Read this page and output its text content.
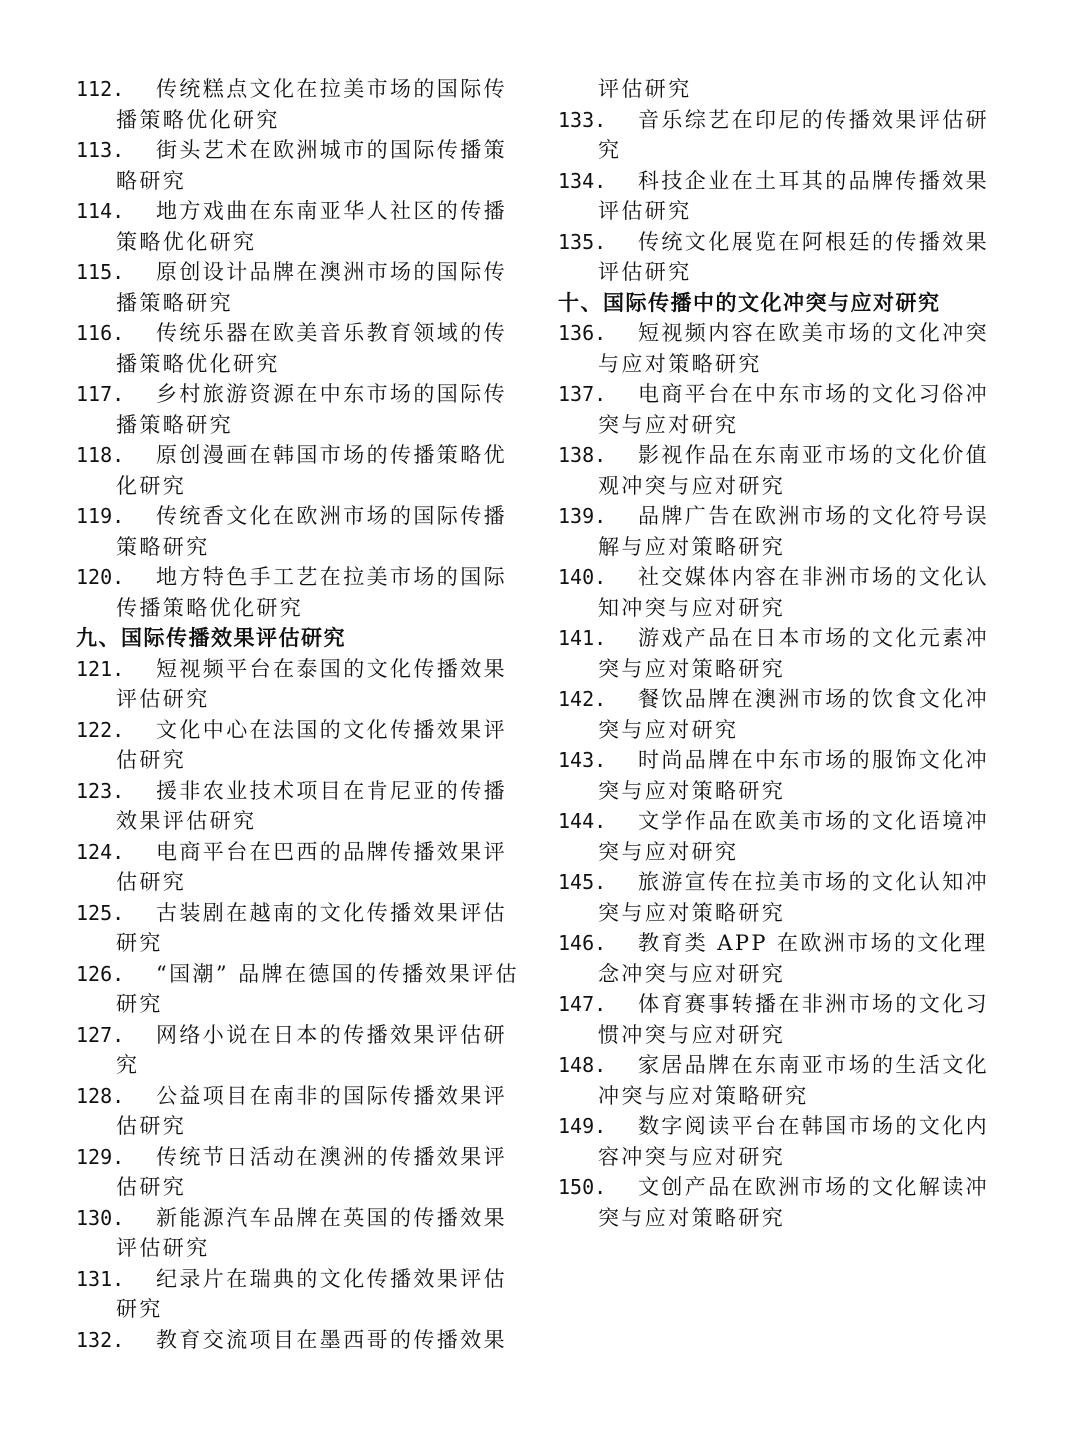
112.	传统糕点文化在拉美市场的国际传播策略优化研究
113.	街头艺术在欧洲城市的国际传播策略研究
114.	地方戏曲在东南亚华人社区的传播策略优化研究
115.	原创设计品牌在澳洲市场的国际传播策略研究
116.	传统乐器在欧美音乐教育领域的传播策略优化研究
117.	乡村旅游资源在中东市场的国际传播策略研究
118.	原创漫画在韩国市场的传播策略优化研究
119.	传统香文化在欧洲市场的国际传播策略研究
120.	地方特色手工艺在拉美市场的国际传播策略优化研究
九、国际传播效果评估研究
121.	短视频平台在泰国的文化传播效果评估研究
122.	文化中心在法国的文化传播效果评估研究
123.	援非农业技术项目在肯尼亚的传播效果评估研究
124.	电商平台在巴西的品牌传播效果评估研究
125.	古装剧在越南的文化传播效果评估研究
126.	“国潮” 品牌在德国的传播效果评估研究
127.	网络小说在日本的传播效果评估研究
128.	公益项目在南非的国际传播效果评估研究
129.	传统节日活动在澳洲的传播效果评估研究
130.	新能源汽车品牌在英国的传播效果评估研究
131.	纪录片在瑞典的文化传播效果评估研究
132.	教育交流项目在墨西哥的传播效果
评估研究
133.	音乐综艺在印尼的传播效果评估研究
134.	科技企业在土耳其的品牌传播效果评估研究
135.	传统文化展览在阿根廷的传播效果评估研究
十、国际传播中的文化冲突与应对研究
136.	短视频内容在欧美市场的文化冲突与应对策略研究
137.	电商平台在中东市场的文化习俗冲突与应对研究
138.	影视作品在东南亚市场的文化价值观冲突与应对研究
139.	品牌广告在欧洲市场的文化符号误解与应对策略研究
140.	社交媒体内容在非洲市场的文化认知冲突与应对研究
141.	游戏产品在日本市场的文化元素冲突与应对策略研究
142.	餐饮品牌在澳洲市场的饮食文化冲突与应对研究
143.	时尚品牌在中东市场的服饰文化冲突与应对策略研究
144.	文学作品在欧美市场的文化语境冲突与应对研究
145.	旅游宣传在拉美市场的文化认知冲突与应对策略研究
146.	教育类 APP 在欧洲市场的文化理念冲突与应对研究
147.	体育赛事转播在非洲市场的文化习惯冲突与应对研究
148.	家居品牌在东南亚市场的生活文化冲突与应对策略研究
149.	数字阅读平台在韩国市场的文化内容冲突与应对研究
150.	文创产品在欧洲市场的文化解读冲突与应对策略研究
